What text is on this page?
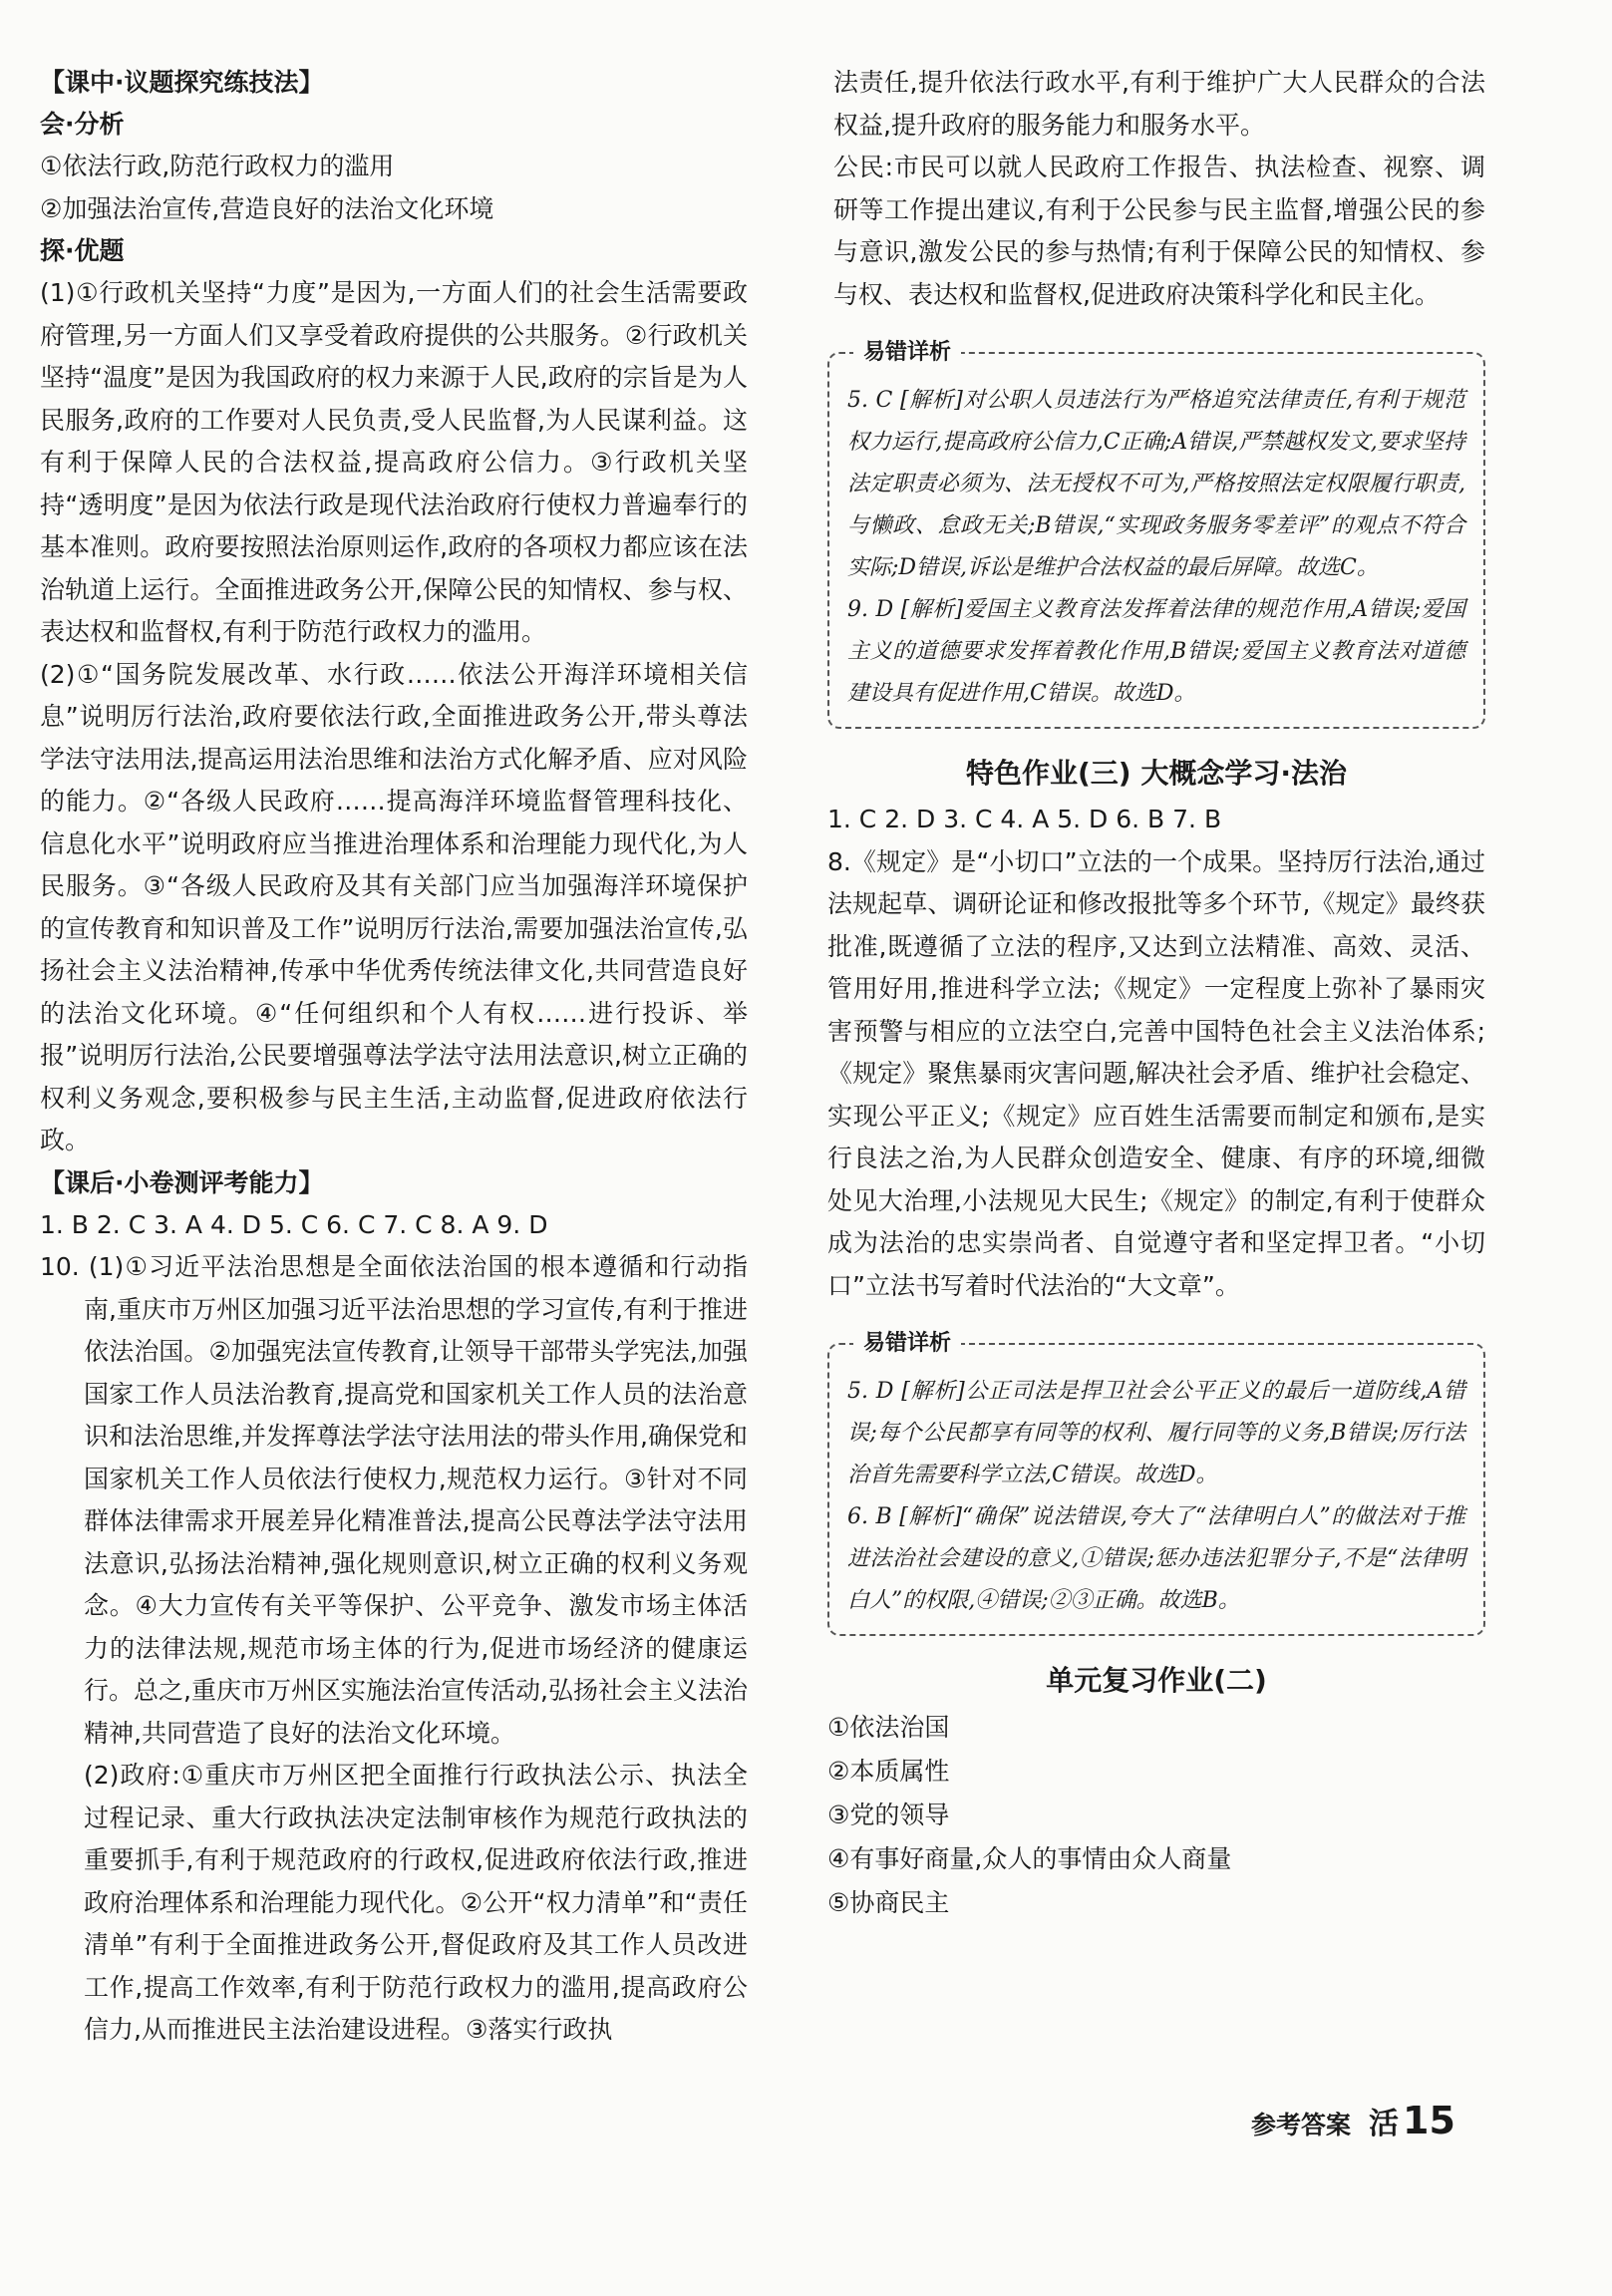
【课中·议题探究练技法】

会·分析

①依法行政,防范行政权力的滥用

②加强法治宣传,营造良好的法治文化环境

探·优题

(1)①行政机关坚持“力度”是因为,一方面人们的社会生活需要政府管理,另一方面人们又享受着政府提供的公共服务。②行政机关坚持“温度”是因为我国政府的权力来源于人民,政府的宗旨是为人民服务,政府的工作要对人民负责,受人民监督,为人民谋利益。这有利于保障人民的合法权益,提高政府公信力。③行政机关坚持“透明度”是因为依法行政是现代法治政府行使权力普遍奉行的基本准则。政府要按照法治原则运作,政府的各项权力都应该在法治轨道上运行。全面推进政务公开,保障公民的知情权、参与权、表达权和监督权,有利于防范行政权力的滥用。

(2)①“国务院发展改革、水行政……依法公开海洋环境相关信息”说明厉行法治,政府要依法行政,全面推进政务公开,带头尊法学法守法用法,提高运用法治思维和法治方式化解矛盾、应对风险的能力。②“各级人民政府……提高海洋环境监督管理科技化、信息化水平”说明政府应当推进治理体系和治理能力现代化,为人民服务。③“各级人民政府及其有关部门应当加强海洋环境保护的宣传教育和知识普及工作”说明厉行法治,需要加强法治宣传,弘扬社会主义法治精神,传承中华优秀传统法律文化,共同营造良好的法治文化环境。④“任何组织和个人有权……进行投诉、举报”说明厉行法治,公民要增强尊法学法守法用法意识,树立正确的权利义务观念,要积极参与民主生活,主动监督,促进政府依法行政。

【课后·小卷测评考能力】

1. B 2. C 3. A 4. D 5. C 6. C 7. C 8. A 9. D

10. (1)①习近平法治思想是全面依法治国的根本遵循和行动指南,重庆市万州区加强习近平法治思想的学习宣传,有利于推进依法治国。②加强宪法宣传教育,让领导干部带头学宪法,加强国家工作人员法治教育,提高党和国家机关工作人员的法治意识和法治思维,并发挥尊法学法守法用法的带头作用,确保党和国家机关工作人员依法行使权力,规范权力运行。③针对不同群体法律需求开展差异化精准普法,提高公民尊法学法守法用法意识,弘扬法治精神,强化规则意识,树立正确的权利义务观念。④大力宣传有关平等保护、公平竞争、激发市场主体活力的法律法规,规范市场主体的行为,促进市场经济的健康运行。总之,重庆市万州区实施法治宣传活动,弘扬社会主义法治精神,共同营造了良好的法治文化环境。

(2)政府:①重庆市万州区把全面推行行政执法公示、执法全过程记录、重大行政执法决定法制审核作为规范行政执法的重要抓手,有利于规范政府的行政权,促进政府依法行政,推进政府治理体系和治理能力现代化。②公开“权力清单”和“责任清单”有利于全面推进政务公开,督促政府及其工作人员改进工作,提高工作效率,有利于防范行政权力的滥用,提高政府公信力,从而推进民主法治建设进程。③落实行政执

法责任,提升依法行政水平,有利于维护广大人民群众的合法权益,提升政府的服务能力和服务水平。

公民:市民可以就人民政府工作报告、执法检查、视察、调研等工作提出建议,有利于公民参与民主监督,增强公民的参与意识,激发公民的参与热情;有利于保障公民的知情权、参与权、表达权和监督权,促进政府决策科学化和民主化。

易错详析

5. C [解析]对公职人员违法行为严格追究法律责任,有利于规范权力运行,提高政府公信力,C正确;A错误,严禁越权发文,要求坚持法定职责必须为、法无授权不可为,严格按照法定权限履行职责,与懒政、怠政无关;B错误,“实现政务服务零差评”的观点不符合实际;D错误,诉讼是维护合法权益的最后屏障。故选C。

9. D [解析]爱国主义教育法发挥着法律的规范作用,A错误;爱国主义的道德要求发挥着教化作用,B错误;爱国主义教育法对道德建设具有促进作用,C错误。故选D。

特色作业(三) 大概念学习·法治

1. C 2. D 3. C 4. A 5. D 6. B 7. B

8.《规定》是“小切口”立法的一个成果。坚持厉行法治,通过法规起草、调研论证和修改报批等多个环节,《规定》最终获批准,既遵循了立法的程序,又达到立法精准、高效、灵活、管用好用,推进科学立法;《规定》一定程度上弥补了暴雨灾害预警与相应的立法空白,完善中国特色社会主义法治体系;《规定》聚焦暴雨灾害问题,解决社会矛盾、维护社会稳定、实现公平正义;《规定》应百姓生活需要而制定和颁布,是实行良法之治,为人民群众创造安全、健康、有序的环境,细微处见大治理,小法规见大民生;《规定》的制定,有利于使群众成为法治的忠实崇尚者、自觉遵守者和坚定捍卫者。“小切口”立法书写着时代法治的“大文章”。

易错详析

5. D [解析]公正司法是捍卫社会公平正义的最后一道防线,A错误;每个公民都享有同等的权利、履行同等的义务,B错误;厉行法治首先需要科学立法,C错误。故选D。

6. B [解析]“确保”说法错误,夸大了“法律明白人”的做法对于推进法治社会建设的意义,①错误;惩办违法犯罪分子,不是“法律明白人”的权限,④错误;②③正确。故选B。

单元复习作业(二)

①依法治国

②本质属性

③党的领导

④有事好商量,众人的事情由众人商量

⑤协商民主

参考答案 活 15
